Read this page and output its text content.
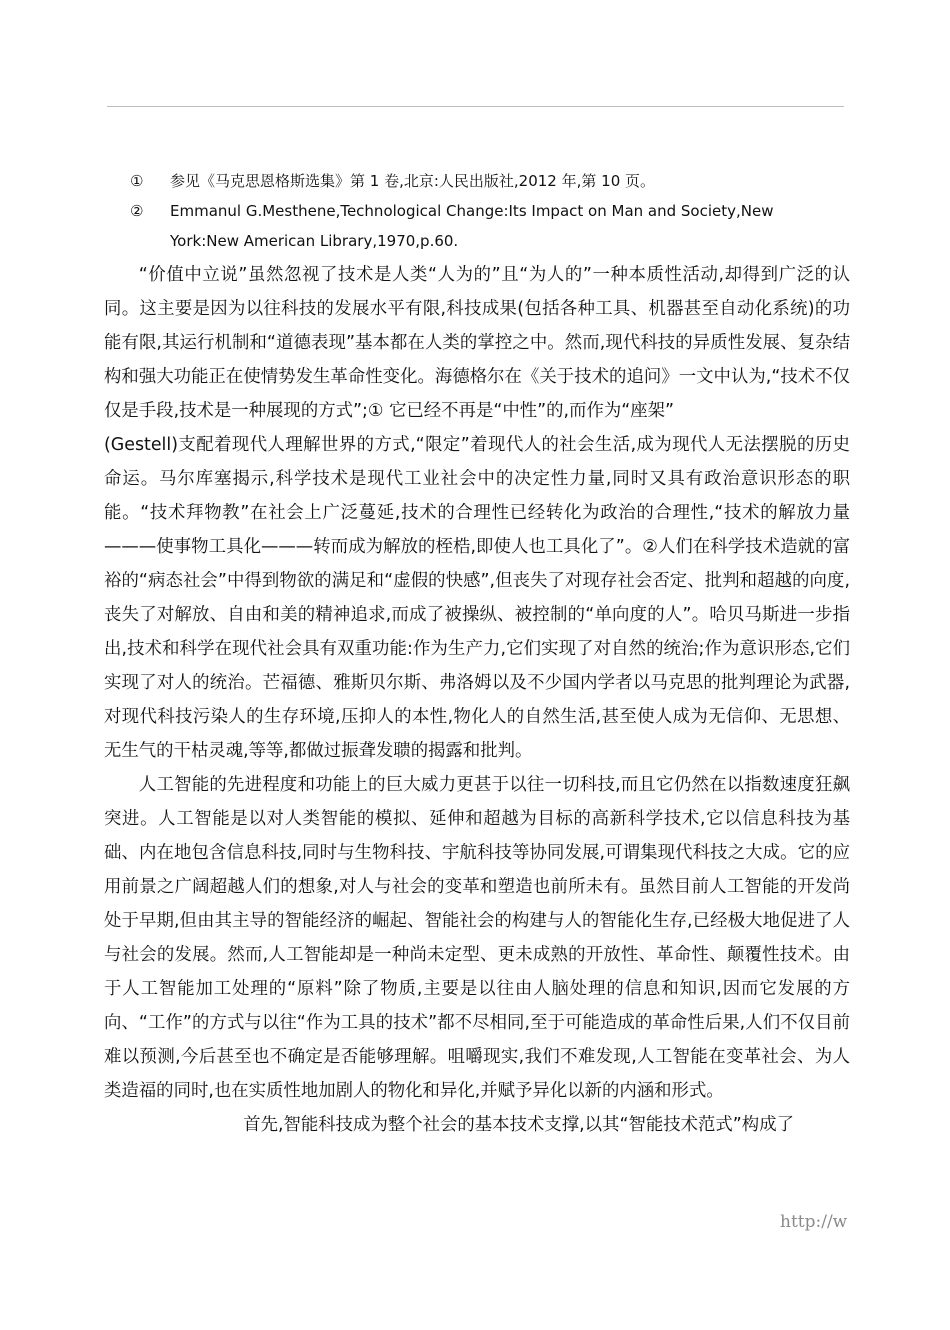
①	参见《马克思恩格斯选集》第 1 卷,北京:人民出版社,2012 年,第 10 页。
②	Emmanul G.Mesthene,Technological Change:Its Impact on Man and Society,New York:New American Library,1970,p.60.

“价值中立说”虽然忽视了技术是人类“人为的”且“为人的”一种本质性活动,却得到广泛的认同。这主要是因为以往科技的发展水平有限,科技成果(包括各种工具、机器甚至自动化系统)的功能有限,其运行机制和“道德表现”基本都在人类的掌控之中。然而,现代科技的异质性发展、复杂结构和强大功能正在使情势发生革命性变化。海德格尔在《关于技术的追问》一文中认为,“技术不仅仅是手段,技术是一种展现的方式”;① 它已经不再是“中性”的,而作为“座架”

(Gestell)支配着现代人理解世界的方式,“限定”着现代人的社会生活,成为现代人无法摆脱的历史命运。马尔库塞揭示,科学技术是现代工业社会中的决定性力量,同时又具有政治意识形态的职能。“技术拜物教”在社会上广泛蔓延,技术的合理性已经转化为政治的合理性,“技术的解放力量———使事物工具化———转而成为解放的桎梏,即使人也工具化了”。②人们在科学技术造就的富裕的“病态社会”中得到物欲的满足和“虚假的快感”,但丧失了对现存社会否定、批判和超越的向度,丧失了对解放、自由和美的精神追求,而成了被操纵、被控制的“单向度的人”。哈贝马斯进一步指出,技术和科学在现代社会具有双重功能:作为生产力,它们实现了对自然的统治;作为意识形态,它们实现了对人的统治。芒福德、雅斯贝尔斯、弗洛姆以及不少国内学者以马克思的批判理论为武器,对现代科技污染人的生存环境,压抑人的本性,物化人的自然生活,甚至使人成为无信仰、无思想、无生气的干枯灵魂,等等,都做过振聋发聩的揭露和批判。

人工智能的先进程度和功能上的巨大威力更甚于以往一切科技,而且它仍然在以指数速度狂飙突进。人工智能是以对人类智能的模拟、延伸和超越为目标的高新科学技术,它以信息科技为基础、内在地包含信息科技,同时与生物科技、宇航科技等协同发展,可谓集现代科技之大成。它的应用前景之广阔超越人们的想象,对人与社会的变革和塑造也前所未有。虽然目前人工智能的开发尚处于早期,但由其主导的智能经济的崛起、智能社会的构建与人的智能化生存,已经极大地促进了人与社会的发展。然而,人工智能却是一种尚未定型、更未成熟的开放性、革命性、颠覆性技术。由于人工智能加工处理的“原料”除了物质,主要是以往由人脑处理的信息和知识,因而它发展的方向、“工作”的方式与以往“作为工具的技术”都不尽相同,至于可能造成的革命性后果,人们不仅目前难以预测,今后甚至也不确定是否能够理解。咀嚼现实,我们不难发现,人工智能在变革社会、为人类造福的同时,也在实质性地加剧人的物化和异化,并赋予异化以新的内涵和形式。

首先,智能科技成为整个社会的基本技术支撑,以其“智能技术范式”构成了

http://w
